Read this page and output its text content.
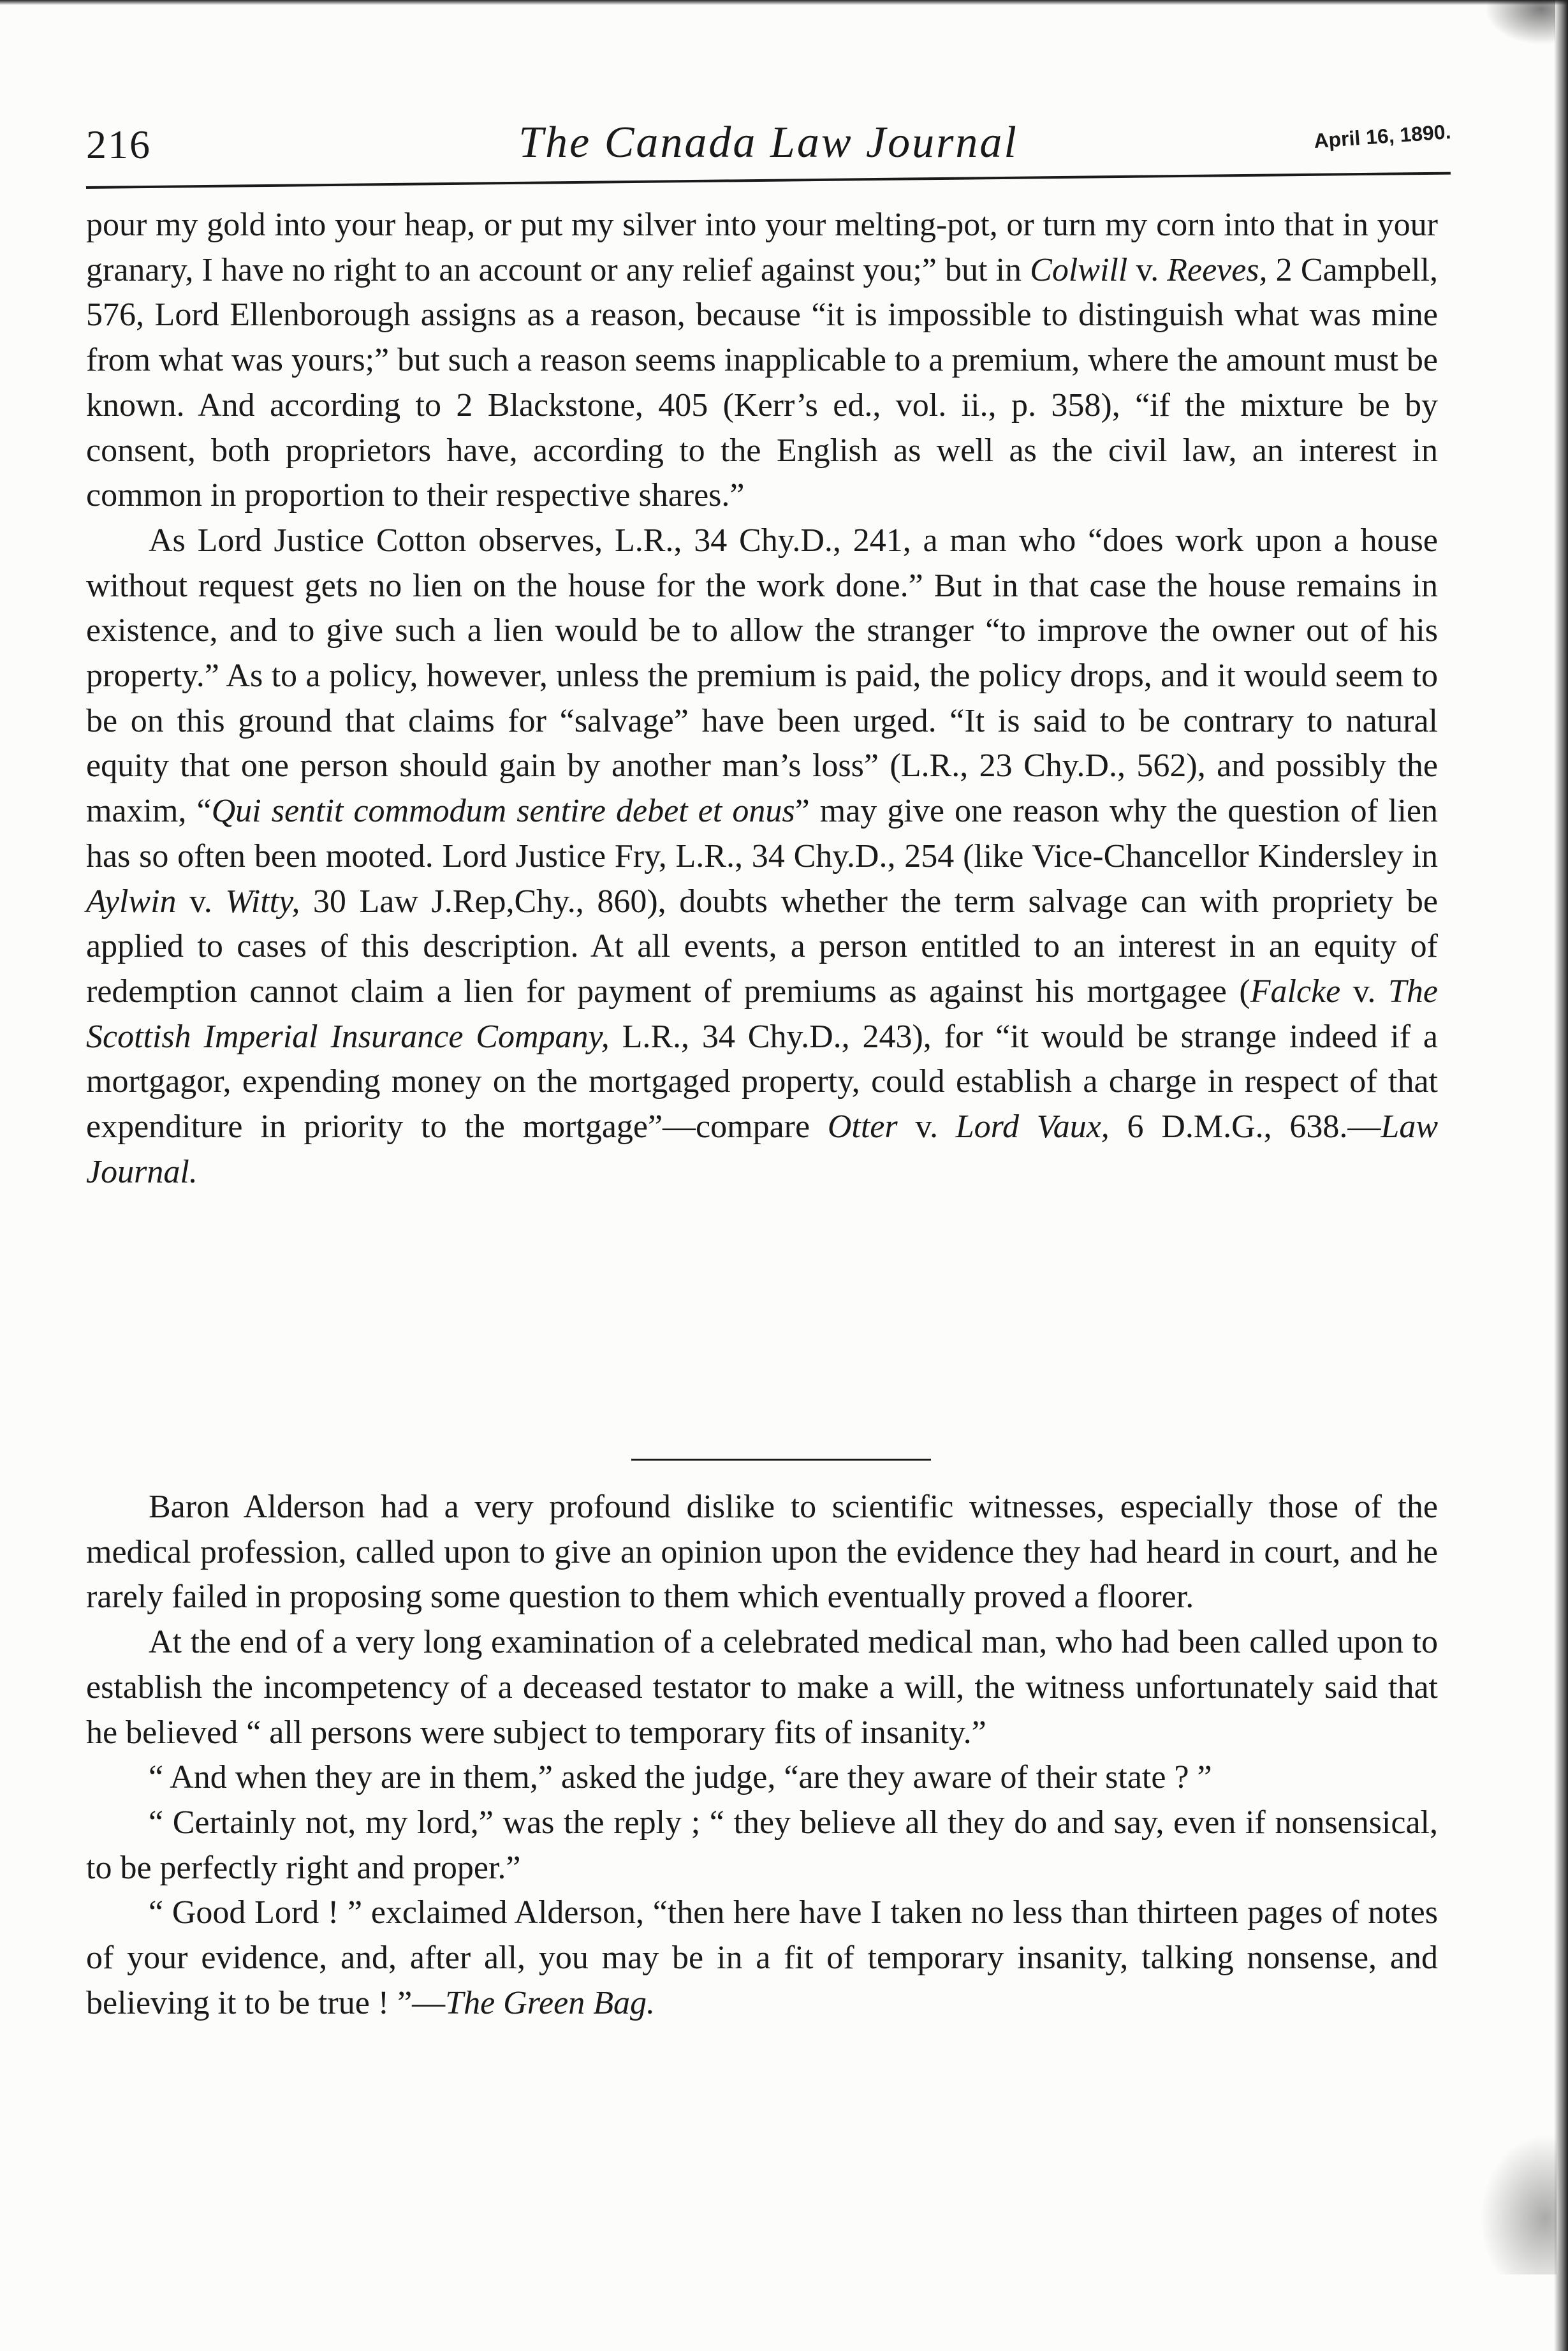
216	The Canada Law Journal	April 16, 1890.

pour my gold into your heap, or put my silver into your melting-pot, or turn my corn into that in your granary, I have no right to an account or any relief against you;” but in Colwill v. Reeves, 2 Campbell, 576, Lord Ellenborough assigns as a reason, because “it is impossible to distinguish what was mine from what was yours;” but such a reason seems inapplicable to a premium, where the amount must be known. And according to 2 Blackstone, 405 (Kerr’s ed., vol. ii., p. 358), “if the mixture be by consent, both proprietors have, according to the English as well as the civil law, an interest in common in proportion to their respective shares.”

As Lord Justice Cotton observes, L.R., 34 Chy.D., 241, a man who “does work upon a house without request gets no lien on the house for the work done.” But in that case the house remains in existence, and to give such a lien would be to allow the stranger “to improve the owner out of his property.” As to a policy, however, unless the premium is paid, the policy drops, and it would seem to be on this ground that claims for “salvage” have been urged. “It is said to be contrary to natural equity that one person should gain by another man’s loss” (L.R., 23 Chy.D., 562), and possibly the maxim, “Qui sentit commodum sentire debet et onus” may give one reason why the question of lien has so often been mooted. Lord Justice Fry, L.R., 34 Chy.D., 254 (like Vice-Chancellor Kindersley in Aylwin v. Witty, 30 Law J.Rep,Chy., 860), doubts whether the term salvage can with propriety be applied to cases of this description. At all events, a person entitled to an interest in an equity of redemption cannot claim a lien for payment of premiums as against his mortgagee (Falcke v. The Scottish Imperial Insurance Company, L.R., 34 Chy.D., 243), for “it would be strange indeed if a mortgagor, expending money on the mortgaged property, could establish a charge in respect of that expenditure in priority to the mortgage”—compare Otter v. Lord Vaux, 6 D.M.G., 638.—Law Journal.

Baron Alderson had a very profound dislike to scientific witnesses, especially those of the medical profession, called upon to give an opinion upon the evidence they had heard in court, and he rarely failed in proposing some question to them which eventually proved a floorer.

At the end of a very long examination of a celebrated medical man, who had been called upon to establish the incompetency of a deceased testator to make a will, the witness unfortunately said that he believed “ all persons were subject to temporary fits of insanity.”

“ And when they are in them,” asked the judge, “are they aware of their state ? ”

“ Certainly not, my lord,” was the reply ; “ they believe all they do and say, even if nonsensical, to be perfectly right and proper.”

“ Good Lord ! ” exclaimed Alderson, “then here have I taken no less than thirteen pages of notes of your evidence, and, after all, you may be in a fit of temporary insanity, talking nonsense, and believing it to be true ! ”—The Green Bag.
